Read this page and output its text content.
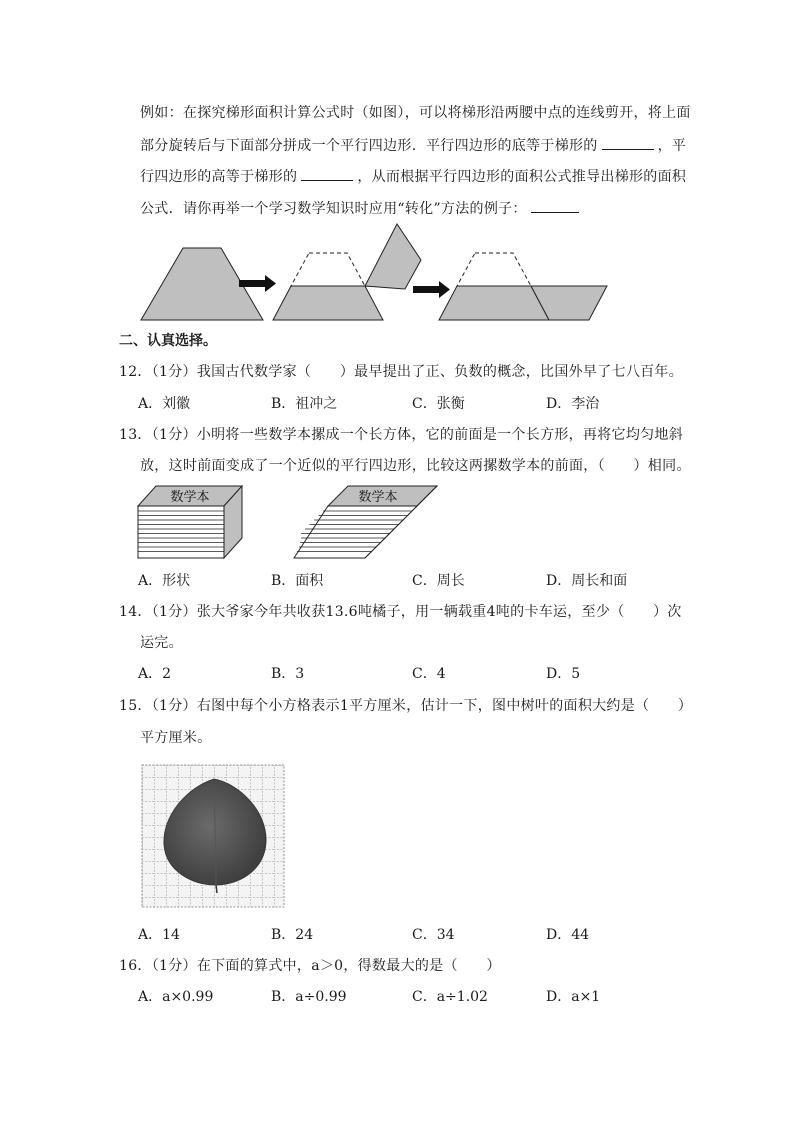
例如：在探究梯形面积计算公式时（如图），可以将梯形沿两腰中点的连线剪开，将上面
部分旋转后与下面部分拼成一个平行四边形．平行四边形的底等于梯形的	，平
行四边形的高等于梯形的	，从而根据平行四边形的面积公式推导出梯形的面积
公式．请你再举一个学习数学知识时应用“转化”方法的例子：
二、认真选择。
12．（1分）我国古代数学家（　　）最早提出了正、负数的概念，比国外早了七八百年。
A．刘徽	B．祖冲之	C．张衡	D．李治
13．（1分）小明将一些数学本摞成一个长方体，它的前面是一个长方形，再将它均匀地斜
放，这时前面变成了一个近似的平行四边形，比较这两摞数学本的前面，（　　）相同。
数学本	数学本
A．形状	B．面积	C．周长	D．周长和面
14．（1分）张大爷家今年共收获13.6吨橘子，用一辆载重4吨的卡车运，至少（　　）次
运完。
A．2	B．3	C．4	D．5
15．（1分）右图中每个小方格表示1平方厘米，估计一下，图中树叶的面积大约是（　　）
平方厘米。
A．14	B．24	C．34	D．44
16．（1分）在下面的算式中，a＞0，得数最大的是（　　）
A．a×0.99	B．a÷0.99	C．a÷1.02	D．a×1
